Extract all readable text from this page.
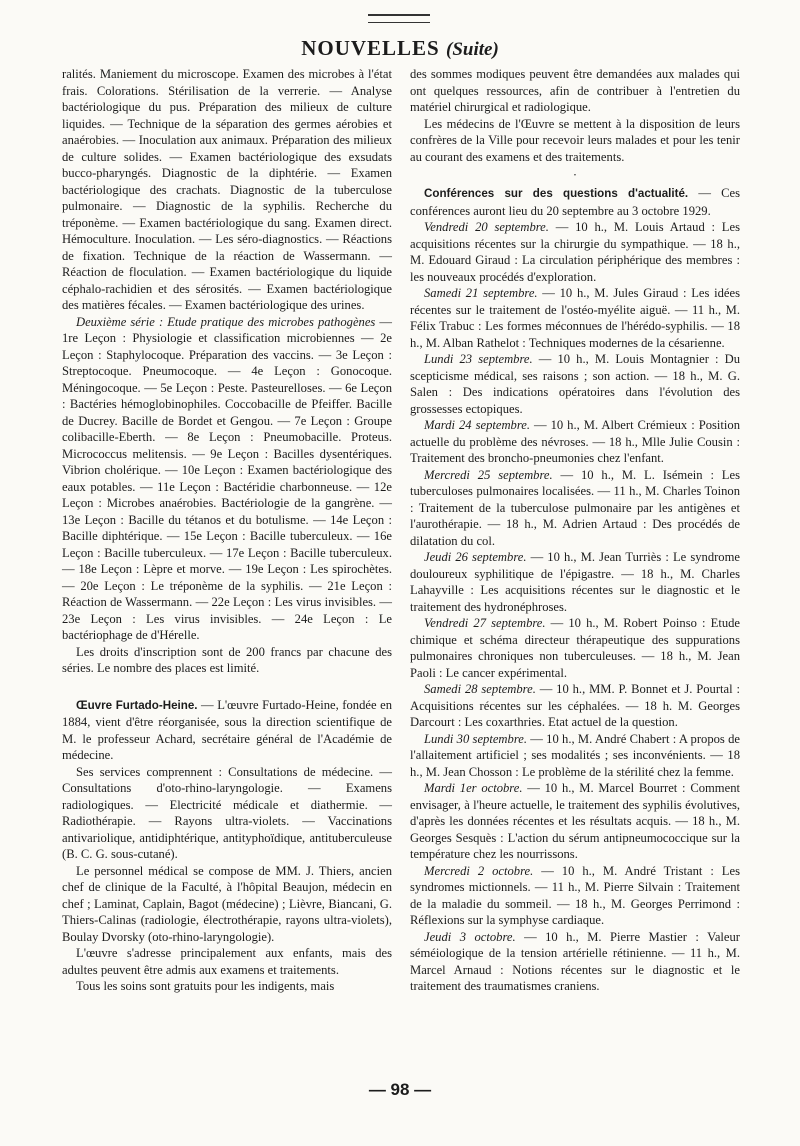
NOUVELLES (Suite)

ralités. Maniement du microscope. Examen des microbes à l'état frais. Colorations. Stérilisation de la verrerie. — Analyse bactériologique du pus. Préparation des milieux de culture liquides. — Technique de la séparation des germes aérobies et anaérobies. — Inoculation aux animaux. Préparation des milieux de culture solides. — Examen bactériologique des exsudats bucco-pharyngés. Diagnostic de la diphtérie. — Examen bactériologique des crachats. Diagnostic de la tuberculose pulmonaire. — Diagnostic de la syphilis. Recherche du tréponème. — Examen bactériologique du sang. Examen direct. Hémoculture. Inoculation. — Les séro-diagnostics. — Réactions de fixation. Technique de la réaction de Wassermann. — Réaction de floculation. — Examen bactériologique du liquide céphalo-rachidien et des sérosités. — Examen bactériologique des matières fécales. — Examen bactériologique des urines.

Deuxième série : Etude pratique des microbes pathogènes — 1re Leçon : Physiologie et classification microbiennes — 2e Leçon : Staphylocoque. Préparation des vaccins. — 3e Leçon : Streptocoque. Pneumocoque. — 4e Leçon : Gonocoque. Méningocoque. — 5e Leçon : Peste. Pasteurelloses. — 6e Leçon : Bactéries hémoglobinophiles. Coccobacille de Pfeiffer. Bacille de Ducrey. Bacille de Bordet et Gengou. — 7e Leçon : Groupe colibacille-Eberth. — 8e Leçon : Pneumobacille. Proteus. Micrococcus melitensis. — 9e Leçon : Bacilles dysentériques. Vibrion cholérique. — 10e Leçon : Examen bactériologique des eaux potables. — 11e Leçon : Bactéridie charbonneuse. — 12e Leçon : Microbes anaérobies. Bactériologie de la gangrène. — 13e Leçon : Bacille du tétanos et du botulisme. — 14e Leçon : Bacille diphtérique. — 15e Leçon : Bacille tuberculeux. — 16e Leçon : Bacille tuberculeux. — 17e Leçon : Bacille tuberculeux. — 18e Leçon : Lèpre et morve. — 19e Leçon : Les spirochètes. — 20e Leçon : Le tréponème de la syphilis. — 21e Leçon : Réaction de Wassermann. — 22e Leçon : Les virus invisibles. — 23e Leçon : Les virus invisibles. — 24e Leçon : Le bactériophage de d'Hérelle.

Les droits d'inscription sont de 200 francs par chacune des séries. Le nombre des places est limité.

Œuvre Furtado-Heine. — L'œuvre Furtado-Heine, fondée en 1884, vient d'être réorganisée, sous la direction scientifique de M. le professeur Achard, secrétaire général de l'Académie de médecine.

Ses services comprennent : Consultations de médecine. — Consultations d'oto-rhino-laryngologie. — Examens radiologiques. — Electricité médicale et diathermie. — Radiothérapie. — Rayons ultra-violets. — Vaccinations antivariolique, antidiphtérique, antityphoïdique, antituberculeuse (B. C. G. sous-cutané).

Le personnel médical se compose de MM. J. Thiers, ancien chef de clinique de la Faculté, à l'hôpital Beaujon, médecin en chef ; Laminat, Caplain, Bagot (médecine) ; Lièvre, Biancani, G. Thiers-Calinas (radiologie, électrothérapie, rayons ultra-violets), Boulay Dvorsky (oto-rhino-laryngologie).

L'œuvre s'adresse principalement aux enfants, mais des adultes peuvent être admis aux examens et traitements.

Tous les soins sont gratuits pour les indigents, mais

des sommes modiques peuvent être demandées aux malades qui ont quelques ressources, afin de contribuer à l'entretien du matériel chirurgical et radiologique.

Les médecins de l'Œuvre se mettent à la disposition de leurs confrères de la Ville pour recevoir leurs malades et pour les tenir au courant des examens et des traitements.

·

Conférences sur des questions d'actualité. — Ces conférences auront lieu du 20 septembre au 3 octobre 1929.

Vendredi 20 septembre. — 10 h., M. Louis Artaud : Les acquisitions récentes sur la chirurgie du sympathique. — 18 h., M. Edouard Giraud : La circulation périphérique des membres : les nouveaux procédés d'exploration.

Samedi 21 septembre. — 10 h., M. Jules Giraud : Les idées récentes sur le traitement de l'ostéo-myélite aiguë. — 11 h., M. Félix Trabuc : Les formes méconnues de l'hérédo-syphilis. — 18 h., M. Alban Rathelot : Techniques modernes de la césarienne.

Lundi 23 septembre. — 10 h., M. Louis Montagnier : Du scepticisme médical, ses raisons ; son action. — 18 h., M. G. Salen : Des indications opératoires dans l'évolution des grossesses ectopiques.

Mardi 24 septembre. — 10 h., M. Albert Crémieux : Position actuelle du problème des névroses. — 18 h., Mlle Julie Cousin : Traitement des broncho-pneumonies chez l'enfant.

Mercredi 25 septembre. — 10 h., M. L. Isémein : Les tuberculoses pulmonaires localisées. — 11 h., M. Charles Toinon : Traitement de la tuberculose pulmonaire par les antigènes et l'aurothérapie. — 18 h., M. Adrien Artaud : Des procédés de dilatation du col.

Jeudi 26 septembre. — 10 h., M. Jean Turriès : Le syndrome douloureux syphilitique de l'épigastre. — 18 h., M. Charles Lahayville : Les acquisitions récentes sur le diagnostic et le traitement des hydronéphroses.

Vendredi 27 septembre. — 10 h., M. Robert Poinso : Etude chimique et schéma directeur thérapeutique des suppurations pulmonaires chroniques non tuberculeuses. — 18 h., M. Jean Paoli : Le cancer expérimental.

Samedi 28 septembre. — 10 h., MM. P. Bonnet et J. Pourtal : Acquisitions récentes sur les céphalées. — 18 h. M. Georges Darcourt : Les coxarthries. Etat actuel de la question.

Lundi 30 septembre. — 10 h., M. André Chabert : A propos de l'allaitement artificiel ; ses modalités ; ses inconvénients. — 18 h., M. Jean Chosson : Le problème de la stérilité chez la femme.

Mardi 1er octobre. — 10 h., M. Marcel Bourret : Comment envisager, à l'heure actuelle, le traitement des syphilis évolutives, d'après les données récentes et les résultats acquis. — 18 h., M. Georges Sesquès : L'action du sérum antipneumococcique sur la température chez les nourrissons.

Mercredi 2 octobre. — 10 h., M. André Tristant : Les syndromes mictionnels. — 11 h., M. Pierre Silvain : Traitement de la maladie du sommeil. — 18 h., M. Georges Perrimond : Réflexions sur la symphyse cardiaque.

Jeudi 3 octobre. — 10 h., M. Pierre Mastier : Valeur séméiologique de la tension artérielle rétinienne. — 11 h., M. Marcel Arnaud : Notions récentes sur le diagnostic et le traitement des traumatismes craniens.

— 98 —
